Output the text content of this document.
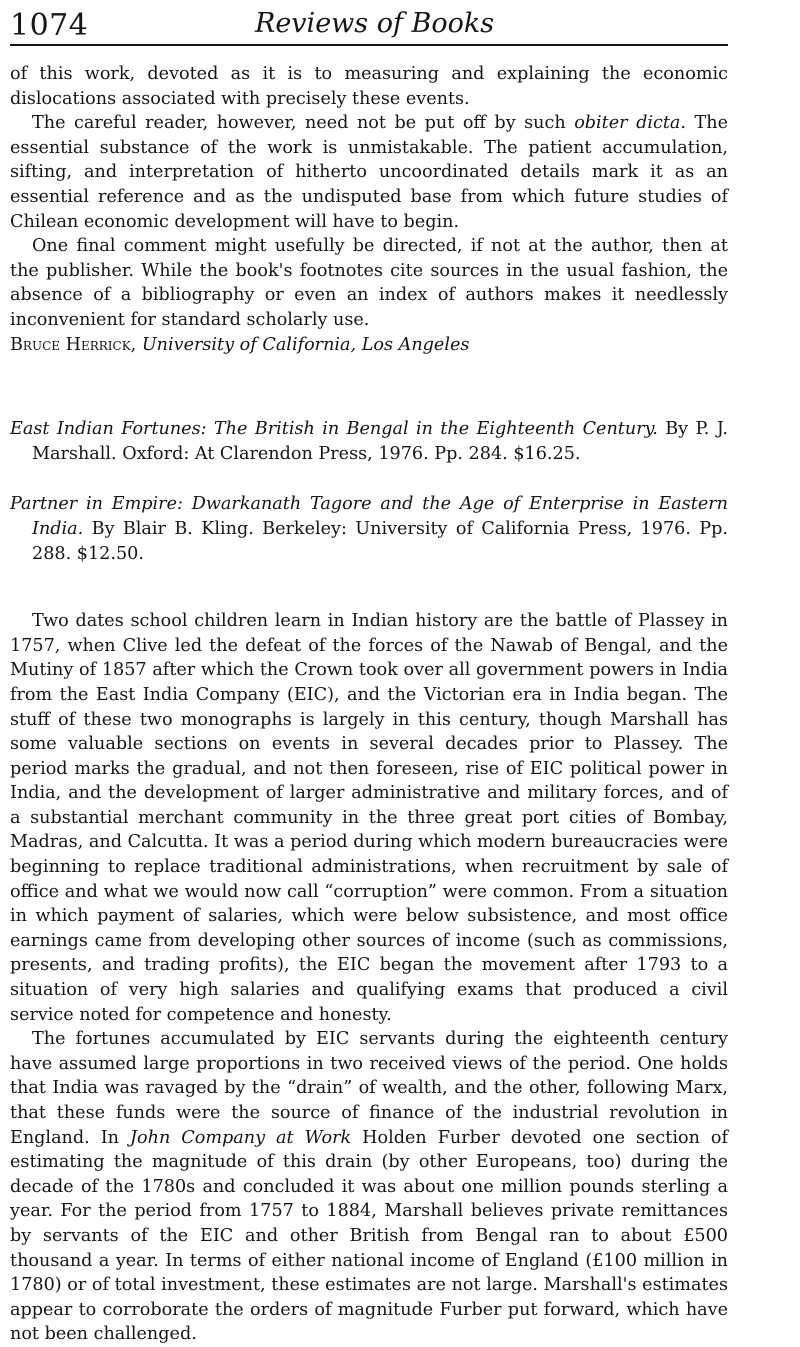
1074	Reviews of Books

of this work, devoted as it is to measuring and explaining the economic dislocations associated with precisely these events.

The careful reader, however, need not be put off by such obiter dicta. The essential substance of the work is unmistakable. The patient accumulation, sifting, and interpretation of hitherto uncoordinated details mark it as an essential reference and as the undisputed base from which future studies of Chilean economic development will have to begin.

One final comment might usefully be directed, if not at the author, then at the publisher. While the book's footnotes cite sources in the usual fashion, the absence of a bibliography or even an index of authors makes it needlessly inconvenient for standard scholarly use.

Bruce Herrick, University of California, Los Angeles

East Indian Fortunes: The British in Bengal in the Eighteenth Century. By P. J. Marshall. Oxford: At Clarendon Press, 1976. Pp. 284. $16.25.
Partner in Empire: Dwarkanath Tagore and the Age of Enterprise in Eastern India. By Blair B. Kling. Berkeley: University of California Press, 1976. Pp. 288. $12.50.

Two dates school children learn in Indian history are the battle of Plassey in 1757, when Clive led the defeat of the forces of the Nawab of Bengal, and the Mutiny of 1857 after which the Crown took over all government powers in India from the East India Company (EIC), and the Victorian era in India began. The stuff of these two monographs is largely in this century, though Marshall has some valuable sections on events in several decades prior to Plassey. The period marks the gradual, and not then foreseen, rise of EIC political power in India, and the development of larger administrative and military forces, and of a substantial merchant community in the three great port cities of Bombay, Madras, and Calcutta. It was a period during which modern bureaucracies were beginning to replace traditional administrations, when recruitment by sale of office and what we would now call “corruption” were common. From a situation in which payment of salaries, which were below subsistence, and most office earnings came from developing other sources of income (such as commissions, presents, and trading profits), the EIC began the movement after 1793 to a situation of very high salaries and qualifying exams that produced a civil service noted for competence and honesty.

The fortunes accumulated by EIC servants during the eighteenth century have assumed large proportions in two received views of the period. One holds that India was ravaged by the “drain” of wealth, and the other, following Marx, that these funds were the source of finance of the industrial revolution in England. In John Company at Work Holden Furber devoted one section of estimating the magnitude of this drain (by other Europeans, too) during the decade of the 1780s and concluded it was about one million pounds sterling a year. For the period from 1757 to 1884, Marshall believes private remittances by servants of the EIC and other British from Bengal ran to about £500 thousand a year. In terms of either national income of England (£100 million in 1780) or of total investment, these estimates are not large. Marshall's estimates appear to corroborate the orders of magnitude Furber put forward, which have not been challenged.
